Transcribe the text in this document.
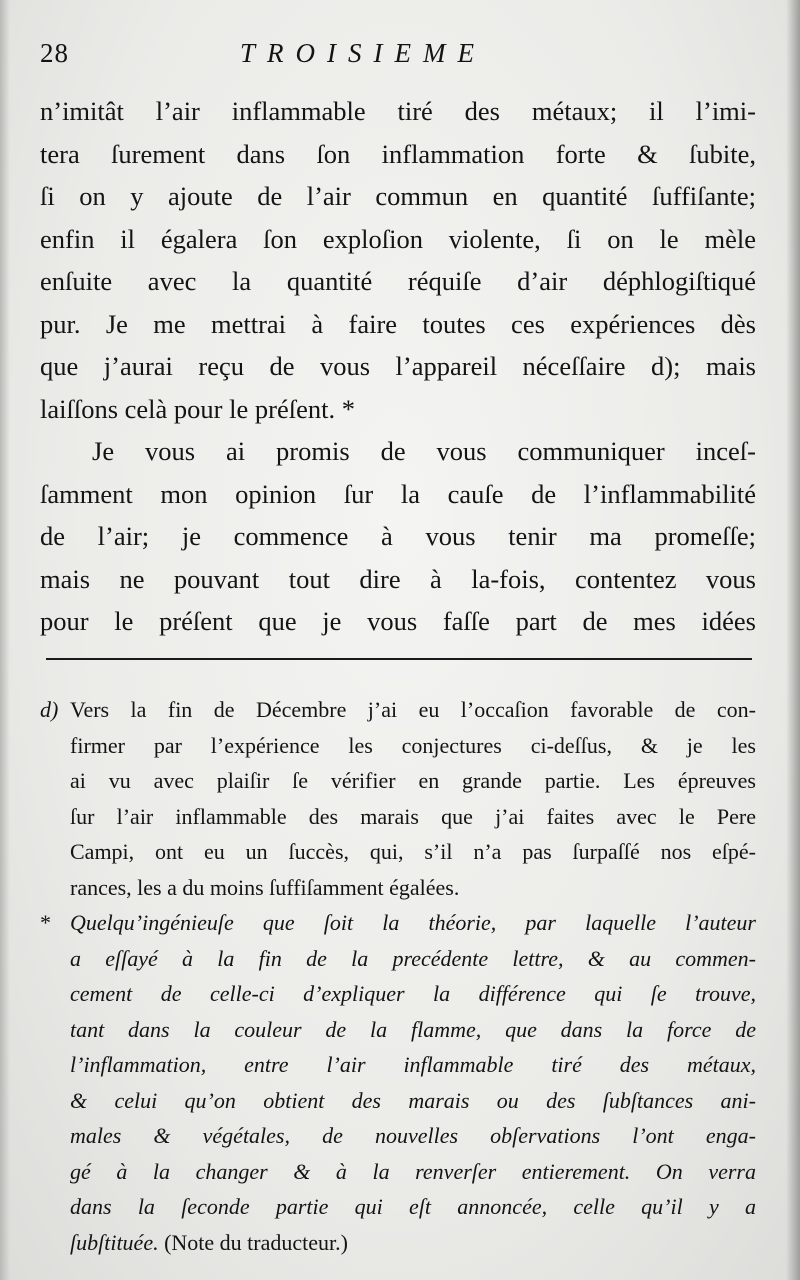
28	TROISIEME
n’imitât l’air inflammable tiré des métaux; il l’imi-
tera ſurement dans ſon inflammation forte & ſubite,
ſi on y ajoute de l’air commun en quantité ſuffiſante;
enfin il égalera ſon exploſion violente, ſi on le mèle
enſuite avec la quantité réquiſe d’air déphlogiſtiqué
pur. Je me mettrai à faire toutes ces expériences dès
que j’aurai reçu de vous l’appareil néceſſaire d); mais
laiſſons celà pour le préſent. *
Je vous ai promis de vous communiquer inceſ-
ſamment mon opinion ſur la cauſe de l’inflammabilité
de l’air; je commence à vous tenir ma promeſſe;
mais ne pouvant tout dire à la-fois, contentez vous
pour le préſent que je vous faſſe part de mes idées
d) Vers la fin de Décembre j’ai eu l’occaſion favorable de con-
firmer par l’expérience les conjectures ci-deſſus, & je les
ai vu avec plaiſir ſe vérifier en grande partie. Les épreuves
ſur l’air inflammable des marais que j’ai faites avec le Pere
Campi, ont eu un ſuccès, qui, s’il n’a pas ſurpaſſé nos eſpé-
rances, les a du moins ſuffiſamment égalées.
* Quelqu’ingénieuſe que ſoit la théorie, par laquelle l’auteur
a eſſayé à la fin de la precédente lettre, & au commen-
cement de celle-ci d’expliquer la différence qui ſe trouve,
tant dans la couleur de la flamme, que dans la force de
l’inflammation, entre l’air inflammable tiré des métaux,
& celui qu’on obtient des marais ou des ſubſtances ani-
males & végétales, de nouvelles obſervations l’ont enga-
gé à la changer & à la renverſer entierement. On verra
dans la ſeconde partie qui eſt annoncée, celle qu’il y a
ſubſtituée. (Note du traducteur.)
